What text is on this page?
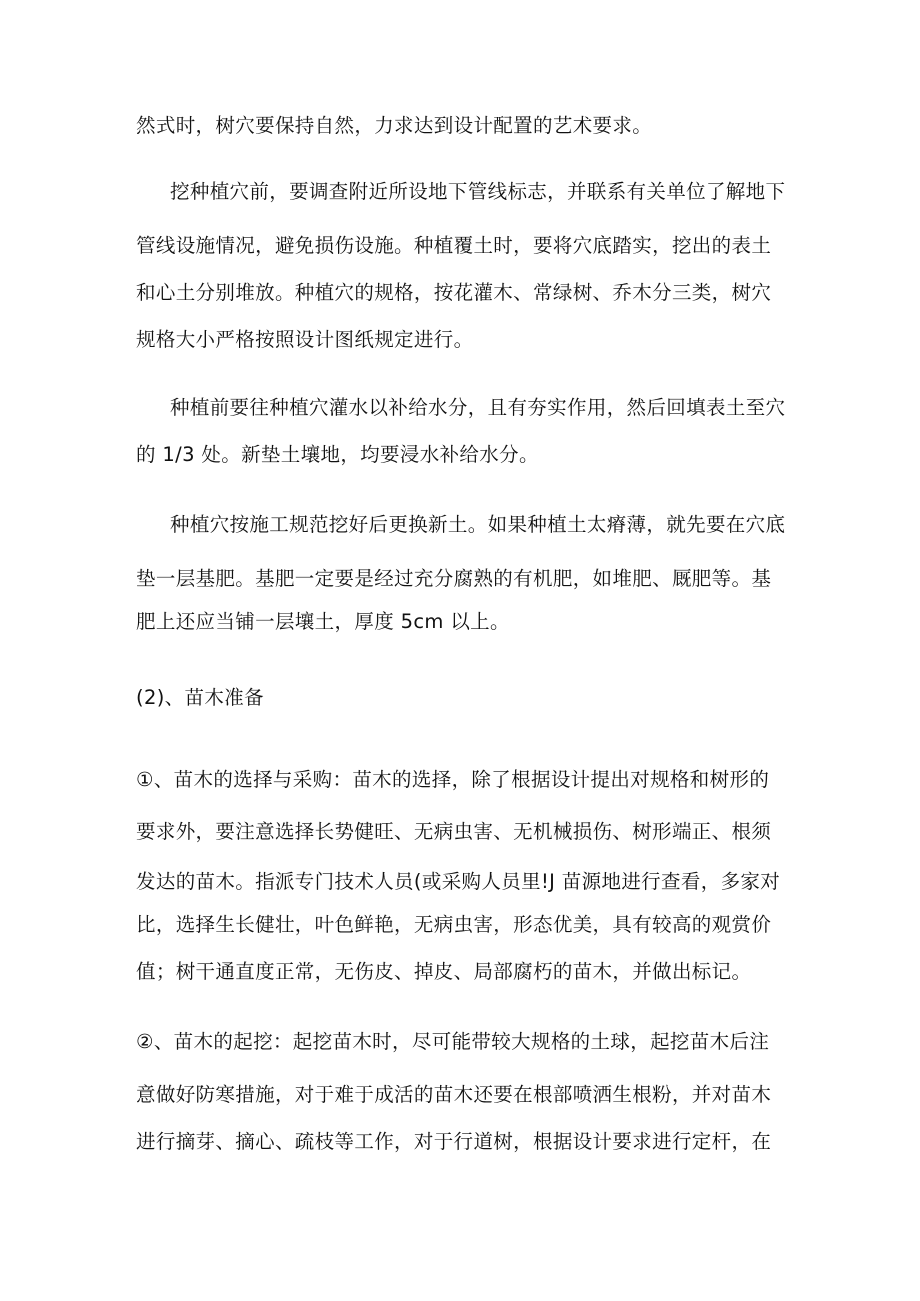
然式时，树穴要保持自然，力求达到设计配置的艺术要求。
挖种植穴前，要调查附近所设地下管线标志，并联系有关单位了解地下
管线设施情况，避免损伤设施。种植覆土时，要将穴底踏实，挖出的表土
和心土分别堆放。种植穴的规格，按花灌木、常绿树、乔木分三类，树穴
规格大小严格按照设计图纸规定进行。
种植前要往种植穴灌水以补给水分，且有夯实作用，然后回填表土至穴
的 1/3 处。新垫土壤地，均要浸水补给水分。
种植穴按施工规范挖好后更换新土。如果种植土太瘠薄，就先要在穴底
垫一层基肥。基肥一定要是经过充分腐熟的有机肥，如堆肥、厩肥等。基
肥上还应当铺一层壤土，厚度 5cm 以上。
(2)、苗木准备
①、苗木的选择与采购：苗木的选择，除了根据设计提出对规格和树形的
要求外，要注意选择长势健旺、无病虫害、无机械损伤、树形端正、根须
发达的苗木。指派专门技术人员(或采购人员里!J 苗源地进行查看，多家对
比，选择生长健壮，叶色鲜艳，无病虫害，形态优美，具有较高的观赏价
值；树干通直度正常，无伤皮、掉皮、局部腐朽的苗木，并做出标记。
②、苗木的起挖：起挖苗木时，尽可能带较大规格的土球，起挖苗木后注
意做好防寒措施，对于难于成活的苗木还要在根部喷洒生根粉，并对苗木
进行摘芽、摘心、疏枝等工作，对于行道树，根据设计要求进行定杆，在
